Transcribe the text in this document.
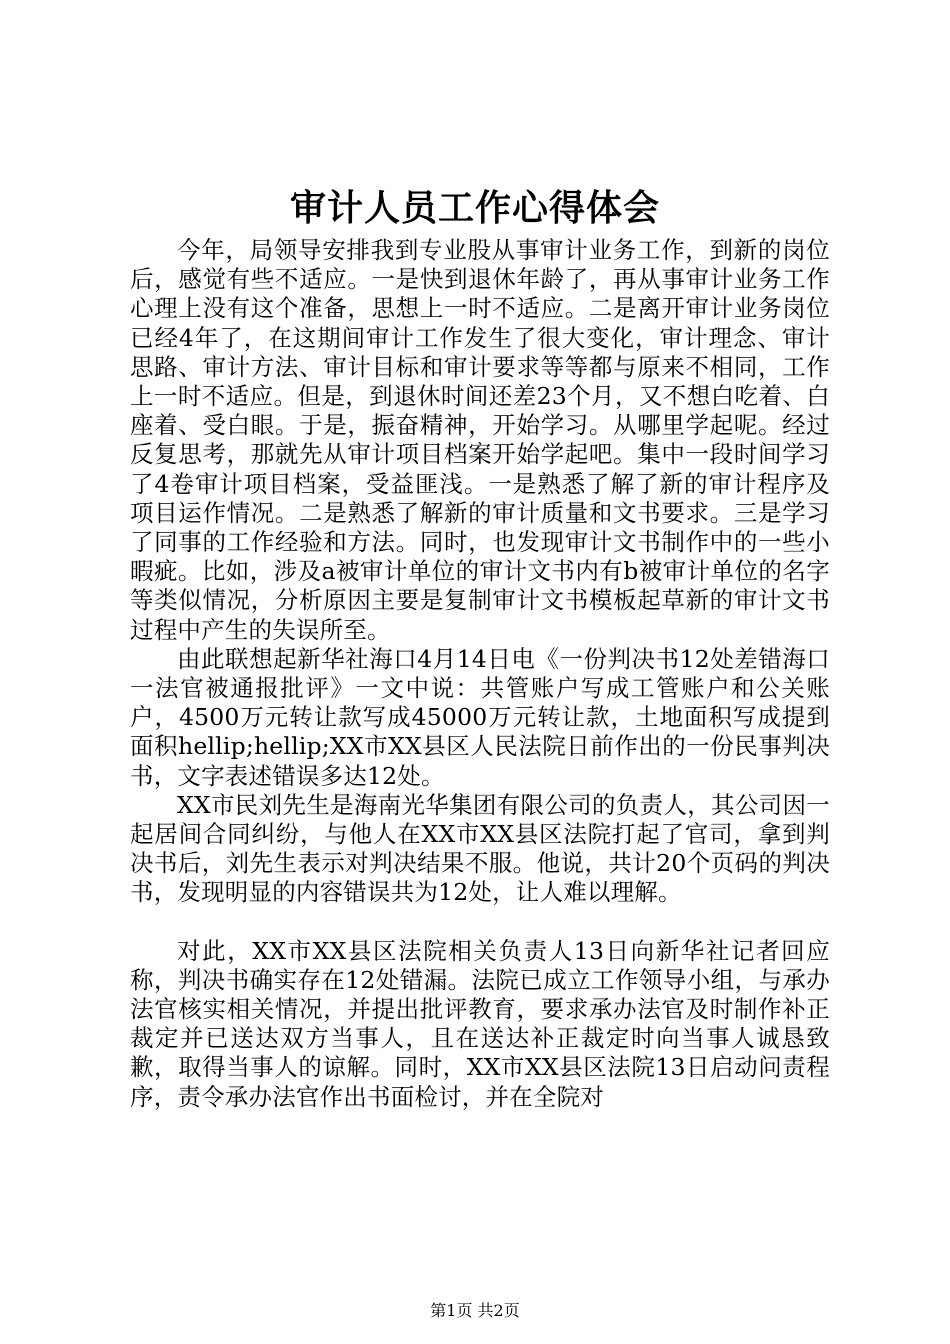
审计人员工作心得体会

今年，局领导安排我到专业股从事审计业务工作，到新的岗位后，感觉有些不适应。一是快到退休年龄了，再从事审计业务工作心理上没有这个准备，思想上一时不适应。二是离开审计业务岗位已经4年了，在这期间审计工作发生了很大变化，审计理念、审计思路、审计方法、审计目标和审计要求等等都与原来不相同，工作上一时不适应。但是，到退休时间还差23个月，又不想白吃着、白座着、受白眼。于是，振奋精神，开始学习。从哪里学起呢。经过反复思考，那就先从审计项目档案开始学起吧。集中一段时间学习了4卷审计项目档案，受益匪浅。一是熟悉了解了新的审计程序及项目运作情况。二是熟悉了解新的审计质量和文书要求。三是学习了同事的工作经验和方法。同时，也发现审计文书制作中的一些小暇疵。比如，涉及a被审计单位的审计文书内有b被审计单位的名字等类似情况，分析原因主要是复制审计文书模板起草新的审计文书过程中产生的失误所至。

由此联想起新华社海口4月14日电《一份判决书12处差错海口一法官被通报批评》一文中说：共管账户写成工管账户和公关账户，4500万元转让款写成45000万元转让款，土地面积写成提到面积hellip;hellip;XX市XX县区人民法院日前作出的一份民事判决书，文字表述错误多达12处。

XX市民刘先生是海南光华集团有限公司的负责人，其公司因一起居间合同纠纷，与他人在XX市XX县区法院打起了官司，拿到判决书后，刘先生表示对判决结果不服。他说，共计20个页码的判决书，发现明显的内容错误共为12处，让人难以理解。

对此，XX市XX县区法院相关负责人13日向新华社记者回应称，判决书确实存在12处错漏。法院已成立工作领导小组，与承办法官核实相关情况，并提出批评教育，要求承办法官及时制作补正裁定并已送达双方当事人，且在送达补正裁定时向当事人诚恳致歉，取得当事人的谅解。同时，XX市XX县区法院13日启动问责程序，责令承办法官作出书面检讨，并在全院对

第1页 共2页
